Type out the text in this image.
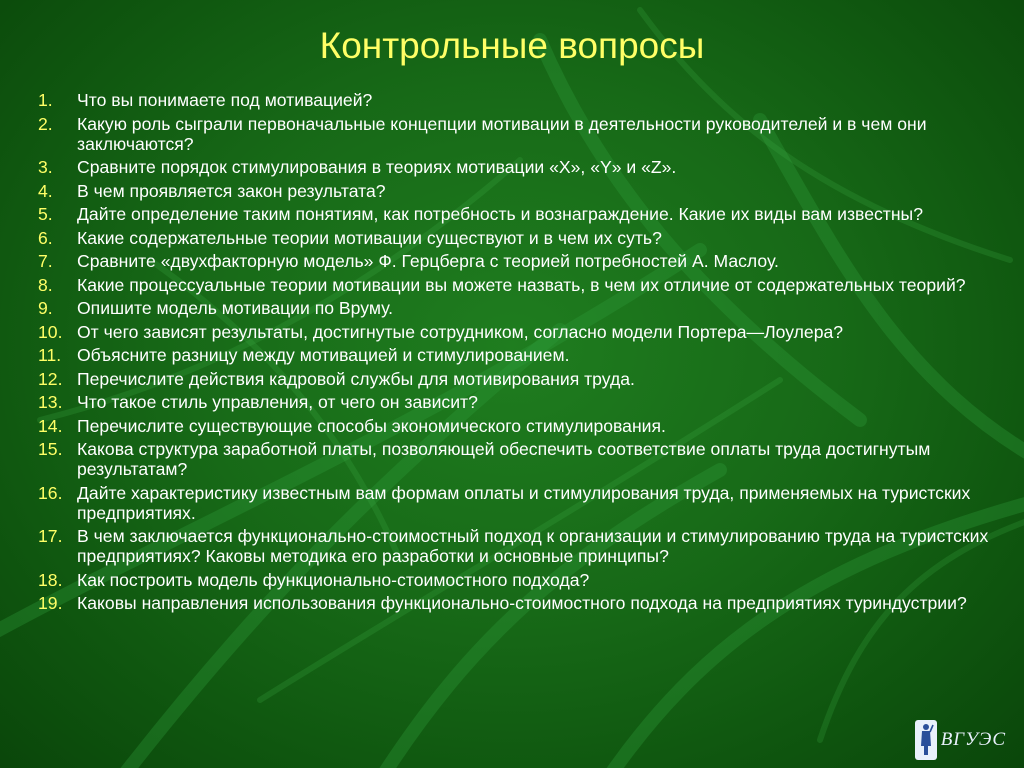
Контрольные вопросы
1. Что вы понимаете под мотивацией?
2. Какую роль сыграли первоначальные концепции мотивации в деятельности руководителей и в чем они заключаются?
3. Сравните порядок стимулирования в теориях мотивации «X», «Y» и «Z».
4. В чем проявляется закон результата?
5. Дайте определение таким понятиям, как потребность и вознаграждение. Какие их виды вам известны?
6. Какие содержательные теории мотивации существуют и в чем их суть?
7. Сравните «двухфакторную модель» Ф. Герцберга с теорией потребностей А. Маслоу.
8. Какие процессуальные теории мотивации вы можете назвать, в чем их отличие от содержательных теорий?
9. Опишите модель мотивации по Вруму.
10. От чего зависят результаты, достигнутые сотрудником, согласно модели Портера—Лоулера?
11. Объясните разницу между мотивацией и стимулированием.
12. Перечислите действия кадровой службы для мотивирования труда.
13. Что такое стиль управления, от чего он зависит?
14. Перечислите существующие способы экономического стимулирования.
15. Какова структура заработной платы, позволяющей обеспечить соответствие оплаты труда достигнутым результатам?
16. Дайте характеристику известным вам формам оплаты и стимулирования труда, применяемых на туристских предприятиях.
17. В чем заключается функционально-стоимостный подход к организации и стимулированию труда на туристских предприятиях? Каковы методика его разработки и основные принципы?
18. Как построить модель функционально-стоимостного подхода?
19. Каковы направления использования функционально-стоимостного подхода на предприятиях туриндустрии?
ВГУЭС
